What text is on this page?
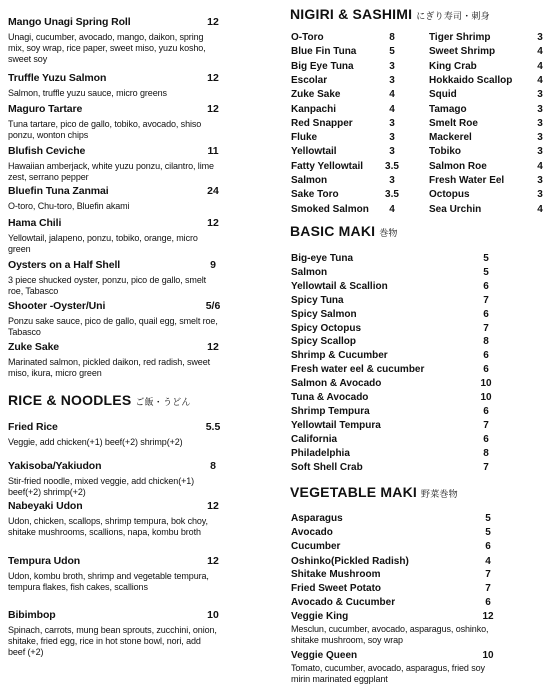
Mango Unagi Spring Roll	12
Unagi, cucumber, avocado, mango, daikon, spring mix, soy wrap, rice paper, sweet miso, yuzu kosho, sweet soy
Truffle Yuzu Salmon	12
Salmon, truffle yuzu sauce, micro greens
Maguro Tartare	12
Tuna tartare, pico de gallo, tobiko, avocado, shiso ponzu, wonton chips
Blufish Ceviche	11
Hawaiian amberjack, white yuzu ponzu, cilantro, lime zest, serrano pepper
Bluefin Tuna Zanmai	24
O-toro, Chu-toro, Bluefin akami
Hama Chili	12
Yellowtail, jalapeno, ponzu, tobiko, orange, micro green
Oysters on a Half Shell	9
3 piece shucked oyster, ponzu, pico de gallo, smelt roe, Tabasco
Shooter -Oyster/Uni	5/6
Ponzu sake sauce, pico de gallo, quail egg, smelt roe, Tabasco
Zuke Sake	12
Marinated salmon, pickled daikon, red radish, sweet miso, ikura, micro green
RICE & NOODLES ご飯・うどん
Fried Rice	5.5
Veggie, add chicken(+1) beef(+2) shrimp(+2)
Yakisoba/Yakiudon	8
Stir-fried noodle, mixed veggie, add chicken(+1) beef(+2) shrimp(+2)
Nabeyaki Udon	12
Udon, chicken, scallops, shrimp tempura, bok choy, shitake mushrooms, scallions, napa, kombu broth
Tempura Udon	12
Udon, kombu broth, shrimp and vegetable tempura, tempura flakes, fish cakes, scallions
Bibimbop	10
Spinach, carrots, mung bean sprouts, zucchini, onion, shitake, fried egg, rice in hot stone bowl, nori, add beef (+2)
NIGIRI & SASHIMI にぎり寿司・刺身
O-Toro	8
Blue Fin Tuna	5
Big Eye Tuna	3
Escolar	3
Zuke Sake	4
Kanpachi	4
Red Snapper	3
Fluke	3
Yellowtail	3
Fatty Yellowtail	3.5
Salmon	3
Sake Toro	3.5
Smoked Salmon	4
Tiger Shrimp	3
Sweet Shrimp	4
King Crab	4
Hokkaido Scallop	4
Squid	3
Tamago	3
Smelt Roe	3
Mackerel	3
Tobiko	3
Salmon Roe	4
Fresh Water Eel	3
Octopus	3
Sea Urchin	4
BASIC MAKI 巻物
Big-eye Tuna	5
Salmon	5
Yellowtail & Scallion	6
Spicy Tuna	7
Spicy Salmon	6
Spicy Octopus	7
Spicy Scallop	8
Shrimp & Cucumber	6
Fresh water eel & cucumber	6
Salmon & Avocado	10
Tuna & Avocado	10
Shrimp Tempura	6
Yellowtail Tempura	7
California	6
Philadelphia	8
Soft Shell Crab	7
VEGETABLE MAKI 野菜巻物
Asparagus	5
Avocado	5
Cucumber	6
Oshinko(Pickled Radish)	4
Shitake Mushroom	7
Fried Sweet Potato	7
Avocado & Cucumber	6
Veggie King	12
Mesclun, cucumber, avocado, asparagus, oshinko, shitake mushroom, soy wrap
Veggie Queen	10
Tomato, cucumber, avocado, asparagus, fried soy mirin marinated eggplant
